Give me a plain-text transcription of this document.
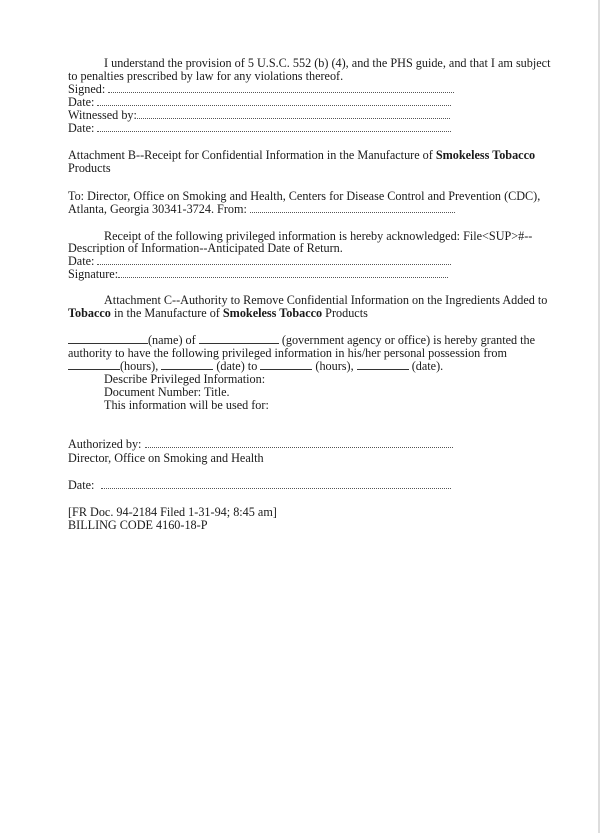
I understand the provision of 5 U.S.C. 552 (b) (4), and the PHS guide, and that I am subject
to penalties prescribed by law for any violations thereof.
Signed:
Date:
Witnessed by:
Date:
Attachment B--Receipt for Confidential Information in the Manufacture of Smokeless Tobacco
Products
To: Director, Office on Smoking and Health, Centers for Disease Control and Prevention (CDC),
Atlanta, Georgia 30341-3724. From:
Receipt of the following privileged information is hereby acknowledged: File<SUP>#--
Description of Information--Anticipated Date of Return.
Date:
Signature:
Attachment C--Authority to Remove Confidential Information on the Ingredients Added to
Tobacco in the Manufacture of Smokeless Tobacco Products
(name) of	(government agency or office) is hereby granted the
authority to have the following privileged information in his/her personal possession from
(hours),	(date) to	(hours),	(date).
Describe Privileged Information:
Document Number: Title.
This information will be used for:
Authorized by:
Director, Office on Smoking and Health
Date:
[FR Doc. 94-2184 Filed 1-31-94; 8:45 am]
BILLING CODE 4160-18-P
